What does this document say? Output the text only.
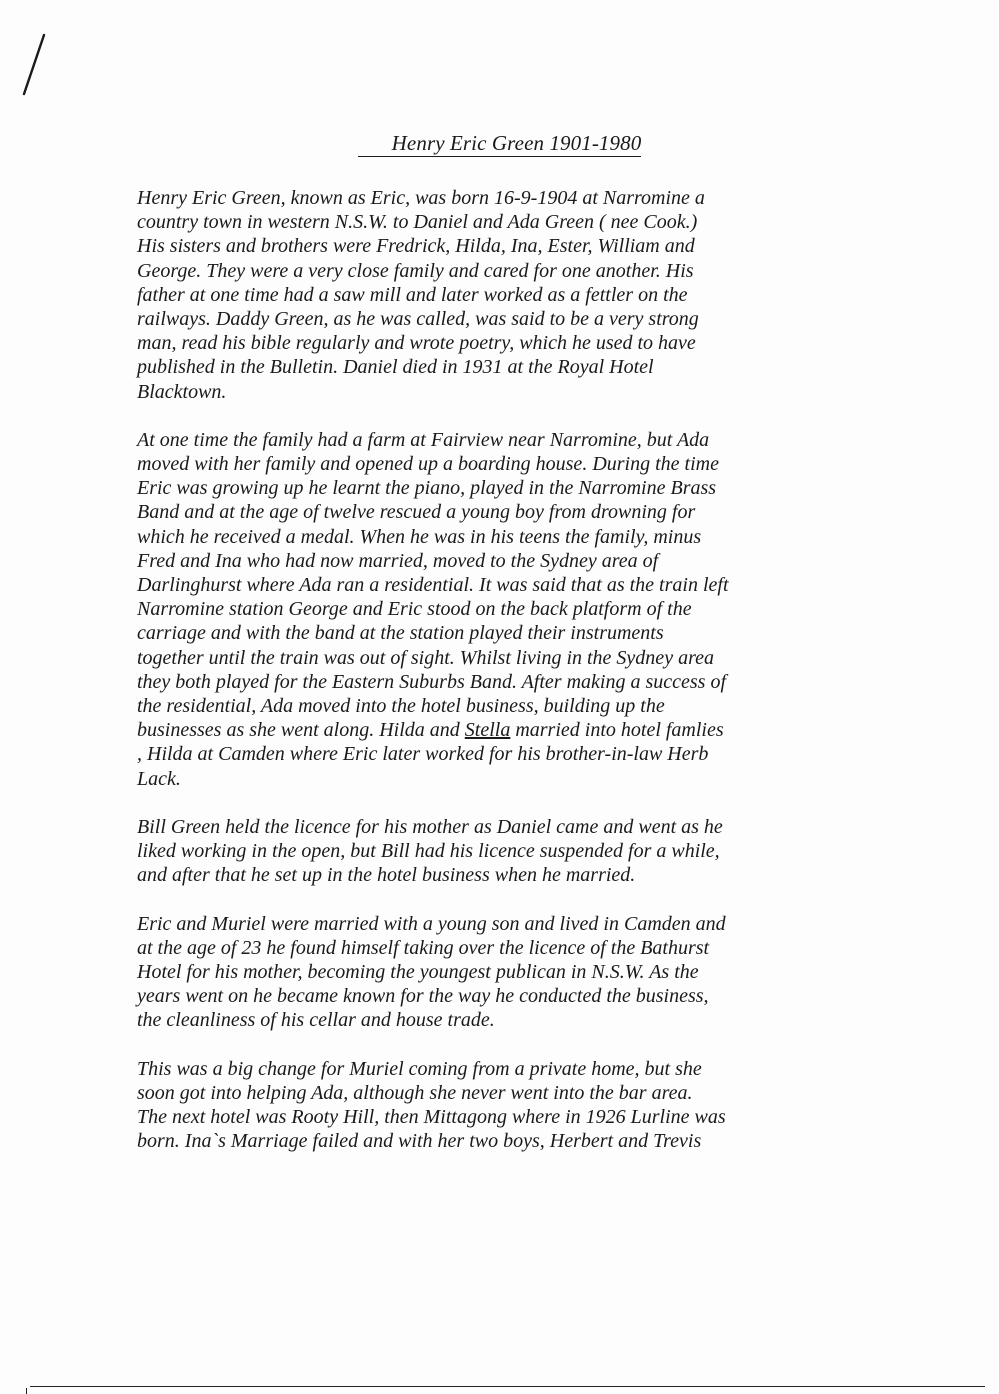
Henry Eric Green 1901-1980

Henry Eric Green, known as Eric, was born 16-9-1904 at Narromine a
country town in western N.S.W. to Daniel and Ada Green ( nee Cook.)
His sisters and brothers were Fredrick, Hilda, Ina, Ester, William and
George. They were a very close family and cared for one another. His
father at one time had a saw mill and later worked as a fettler on the
railways. Daddy Green, as he was called, was said to be a very strong
man, read his bible regularly and wrote poetry, which he used to have
published in the Bulletin. Daniel died in 1931 at the Royal Hotel
Blacktown.

At one time the family had a farm at Fairview near Narromine, but Ada
moved with her family and opened up a boarding house. During the time
Eric was growing up he learnt the piano, played in the Narromine Brass
Band and at the age of twelve rescued a young boy from drowning for
which he received a medal. When he was in his teens the family, minus
Fred and Ina who had now married, moved to the Sydney area of
Darlinghurst where Ada ran a residential. It was said that as the train left
Narromine station George and Eric stood on the back platform of the
carriage and with the band at the station played their instruments
together until the train was out of sight. Whilst living in the Sydney area
they both played for the Eastern Suburbs Band. After making a success of
the residential, Ada moved into the hotel business, building up the
businesses as she went along. Hilda and Stella married into hotel famlies
, Hilda at Camden where Eric later worked for his brother-in-law Herb
Lack.

Bill Green held the licence for his mother as Daniel came and went as he
liked working in the open, but Bill had his licence suspended for a while,
and after that he set up in the hotel business when he married.

Eric and Muriel were married with a young son and lived in Camden and
at the age of 23 he found himself taking over the licence of the Bathurst
Hotel for his mother, becoming the youngest publican in N.S.W. As the
years went on he became known for the way he conducted the business,
the cleanliness of his cellar and house trade.

This was a big change for Muriel coming from a private home, but she
soon got into helping Ada, although she never went into the bar area.
The next hotel was Rooty Hill, then Mittagong where in 1926 Lurline was
born. Ina`s Marriage failed and with her two boys, Herbert and Trevis
